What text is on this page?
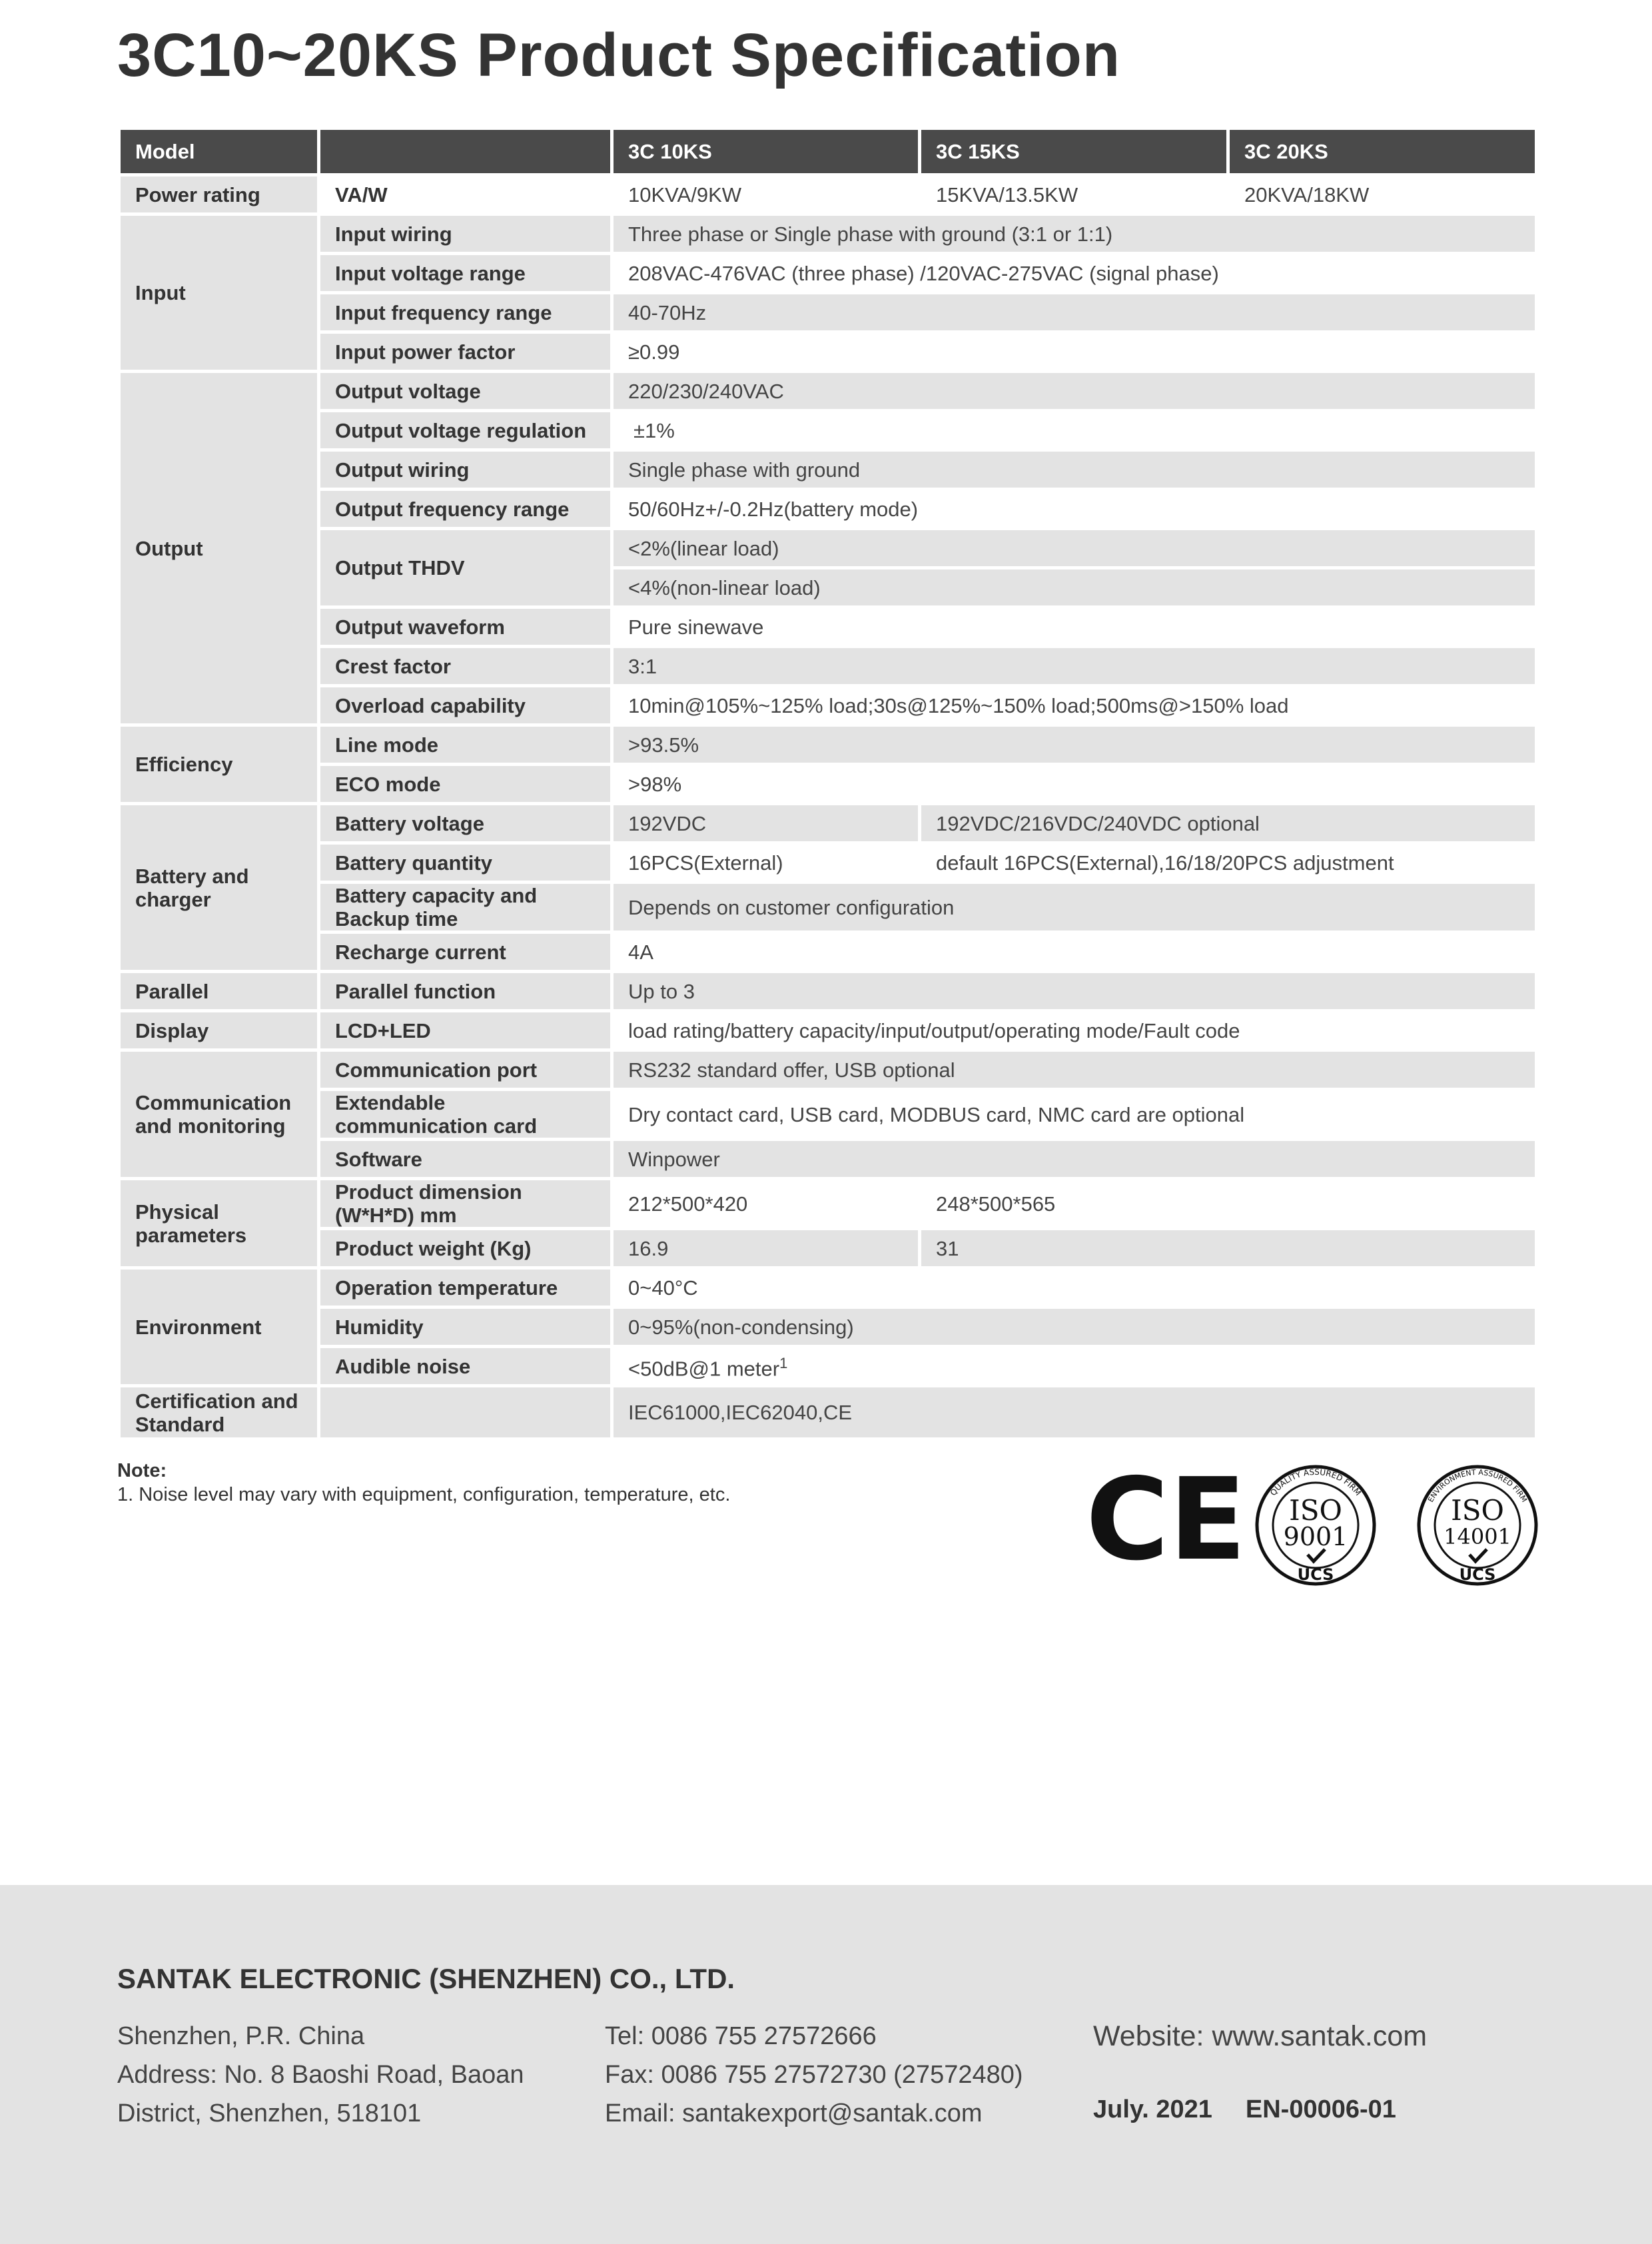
3C10~20KS Product Specification
Model		3C 10KS	3C 15KS	3C 20KS
Power rating	VA/W	10KVA/9KW	15KVA/13.5KW	20KVA/18KW
Input	Input wiring	Three phase or Single phase with ground (3:1 or 1:1)		
	Input voltage range	208VAC-476VAC (three phase) /120VAC-275VAC (signal phase)		
	Input frequency range	40-70Hz		
	Input power factor	≥0.99		
Output	Output voltage	220/230/240VAC		
	Output voltage regulation	±1%		
	Output wiring	Single phase with ground		
	Output frequency range	50/60Hz+/-0.2Hz(battery mode)		
	Output THDV	<2%(linear load)		
		<4%(non-linear load)		
	Output waveform	Pure sinewave		
	Crest factor	3:1		
	Overload capability	10min@105%~125% load;30s@125%~150% load;500ms@>150% load		
Efficiency	Line mode	>93.5%		
	ECO mode	>98%		
Battery and charger	Battery voltage	192VDC	192VDC/216VDC/240VDC optional	
	Battery quantity	16PCS(External)	default 16PCS(External),16/18/20PCS adjustment	
	Battery capacity and Backup time	Depends on customer configuration		
	Recharge current	4A		
Parallel	Parallel function	Up to 3		
Display	LCD+LED	load rating/battery capacity/input/output/operating mode/Fault code		
Communication and monitoring	Communication port	RS232 standard offer, USB optional		
	Extendable communication card	Dry contact card, USB card, MODBUS card, NMC card are optional		
	Software	Winpower		
Physical parameters	Product dimension (W*H*D) mm	212*500*420	248*500*565	
	Product weight (Kg)	16.9	31	
Environment	Operation temperature	0~40°C		
	Humidity	0~95%(non-condensing)		
	Audible noise	<50dB@1 meter$^1$
Certification and Standard		IEC61000,IEC62040,CE		
Note:
1. Noise level may vary with equipment, configuration, temperature, etc.	CE	QUALITY ASSURED FIRM
ISO
9001
UCS
ENVIRONMENT ASSURED FIRM
ISO
14001
UCS
SANTAK ELECTRONIC (SHENZHEN) CO., LTD.
Shenzhen, P.R. China
Address: No. 8 Baoshi Road, Baoan
District, Shenzhen, 518101
Tel: 0086 755 27572666
Fax: 0086 755 27572730 (27572480)
Email: santakexport@santak.com
Website: www.santak.com
July. 2021 EN-00006-01
